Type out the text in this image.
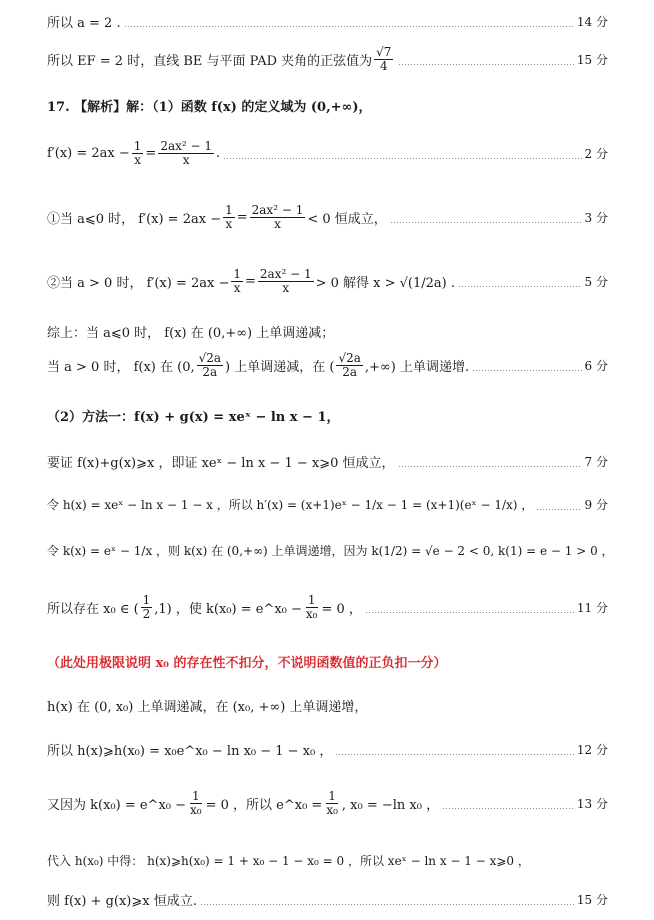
所以 a = 2 .	14 分
所以 EF = 2 时，直线 BE 与平面 PAD 夹角的正弦值为 $\frac{√7}{4}$	15 分
17. 【解析】解：（1）函数 f(x) 的定义域为 (0,+∞)，
$f'(x) = 2ax - \frac{1}{x} = \frac{\text{2ax² − 1}}{x}$ .	2 分
①当 a⩽0 时， $f'(x) = 2ax - \frac{1}{x} = \frac{\text{2ax² − 1}}{x} < 0$ 恒成立，	3 分
②当 a > 0 时， $f'(x) = 2ax - \frac{1}{x} = \frac{\text{2ax² − 1}}{x} > 0$ 解得 x > √(1/2a) .	5 分
综上：当 a⩽0 时， f(x) 在 (0,+∞) 上单调递减；
当 a > 0 时， f(x) 在 (0, $\frac{√2a}{2a}$ ) 上单调递减，在 ( $\frac{√2a}{2a}$ ,+∞) 上单调递增.	6 分
（2）方法一：f(x) + g(x) = xeˣ − ln x − 1，
要证 f(x)+g(x)⩾x ，即证 xeˣ − ln x − 1 − x⩾0 恒成立，	7 分
令 h(x) = xeˣ − ln x − 1 − x ，所以 h′(x) = (x+1)eˣ − 1/x − 1 = (x+1)(eˣ − 1/x) ，	9 分
令 k(x) = eˣ − 1/x ，则 k(x) 在 (0,+∞) 上单调递增，因为 k(1/2) = √e − 2 < 0, k(1) = e − 1 > 0 ，
所以存在 x₀ ∈ ( $\frac{1}{2} ,1$) ，使 k(x₀) = e^x₀ − $\frac{1}{\text{x₀}} = 0$ ，	11 分
（此处用极限说明 x₀ 的存在性不扣分，不说明函数值的正负扣一分）
h(x) 在 (0, x₀) 上单调递减，在 (x₀, +∞) 上单调递增，
所以 h(x)⩾h(x₀) = x₀e^x₀ − ln x₀ − 1 − x₀ ，	12 分
又因为 k(x₀) = e^x₀ − $\frac{1}{\text{x₀}} = 0$ ，所以 e^x₀ = $\frac{1}{\text{x₀}}$ , x₀ = −ln x₀ ，	13 分
代入 h(x₀) 中得： h(x)⩾h(x₀) = 1 + x₀ − 1 − x₀ = 0 ，所以 xeˣ − ln x − 1 − x⩾0 ，
则 f(x) + g(x)⩾x 恒成立.	15 分
